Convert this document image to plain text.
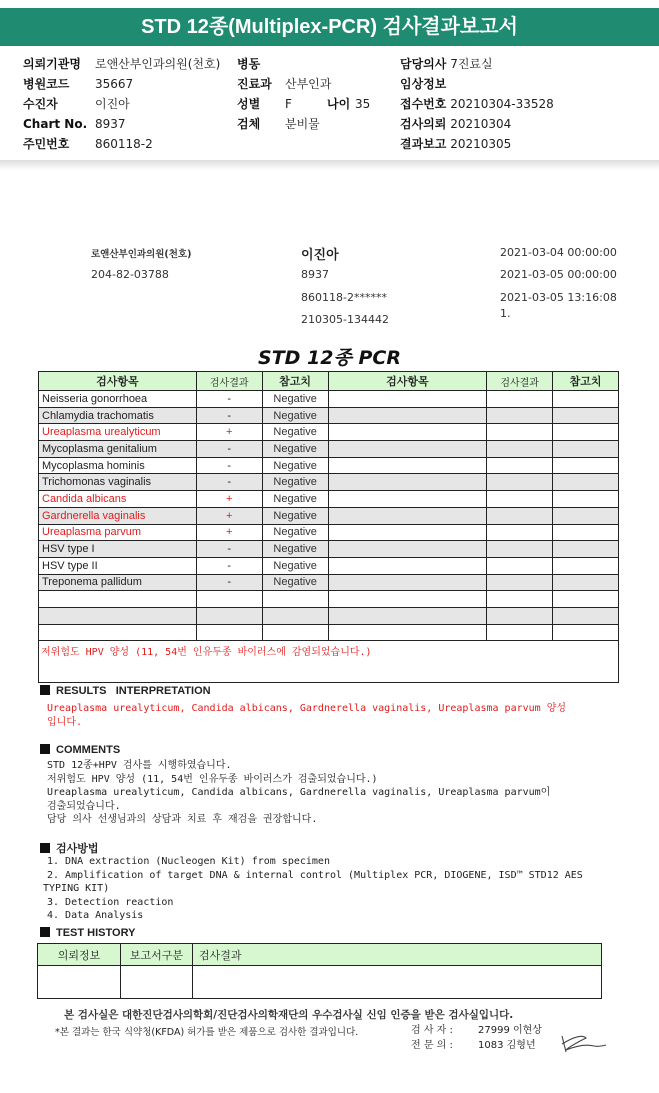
STD 12종(Multiplex-PCR) 검사결과보고서
의뢰기관명 로앤산부인과의원(천호)
병원코드 35667
수진자	이진아
Chart No. 8937
주민번호 860118-2
병동
진료과 산부인과
성별 F	나이 35
검체 분비물
담당의사 7진료실
임상정보
접수번호 20210304-33528
검사의뢰 20210304
결과보고 20210305
로앤산부인과의원(천호)
204-82-03788
이진아
8937
860118-2******
210305-134442
2021-03-04 00:00:00
2021-03-05 00:00:00
2021-03-05 13:16:08
1.
STD 12종 PCR
검사항목	검사결과	참고치	검사항목	검사결과	참고치
Neisseria gonorrhoea	-	Negative			
Chlamydia trachomatis	-	Negative			
Ureaplasma urealyticum	+	Negative			
Mycoplasma genitalium	-	Negative			
Mycoplasma hominis	-	Negative			
Trichomonas vaginalis	-	Negative			
Candida albicans	+	Negative			
Gardnerella vaginalis	+	Negative			
Ureaplasma parvum	+	Negative			
HSV type I	-	Negative			
HSV type II	-	Negative			
Treponema pallidum	-	Negative			

저위험도 HPV 양성 (11, 54번 인유두종 바이러스에 감염되었습니다.)
RESULTS   INTERPRETATION
Ureaplasma urealyticum, Candida albicans, Gardnerella vaginalis, Ureaplasma parvum 양성
입니다.
COMMENTS
STD 12종+HPV 검사를 시행하였습니다.
저위험도 HPV 양성 (11, 54번 인유두종 바이러스가 검출되었습니다.)
Ureaplasma urealyticum, Candida albicans, Gardnerella vaginalis, Ureaplasma parvum이
검출되었습니다.
담당 의사 선생님과의 상담과 치료 후 재검을 권장합니다.
검사방법
1. DNA extraction (Nucleogen Kit) from specimen
2. Amplification of target DNA & internal control (Multiplex PCR, DIOGENE, ISD™ STD12 AES
TYPING KIT)
3. Detection reaction
4. Data Analysis
TEST HISTORY
의뢰정보	보고서구분	검사결과

본 검사실은 대한진단검사의학회/진단검사의학재단의 우수검사실 신임 인증을 받은 검사실입니다.
*본 결과는 한국 식약청(KFDA) 허가를 받은 제품으로 검사한 결과입니다.	검 사 자 :	27999 이현상
전 문 의 :	1083 김형년
